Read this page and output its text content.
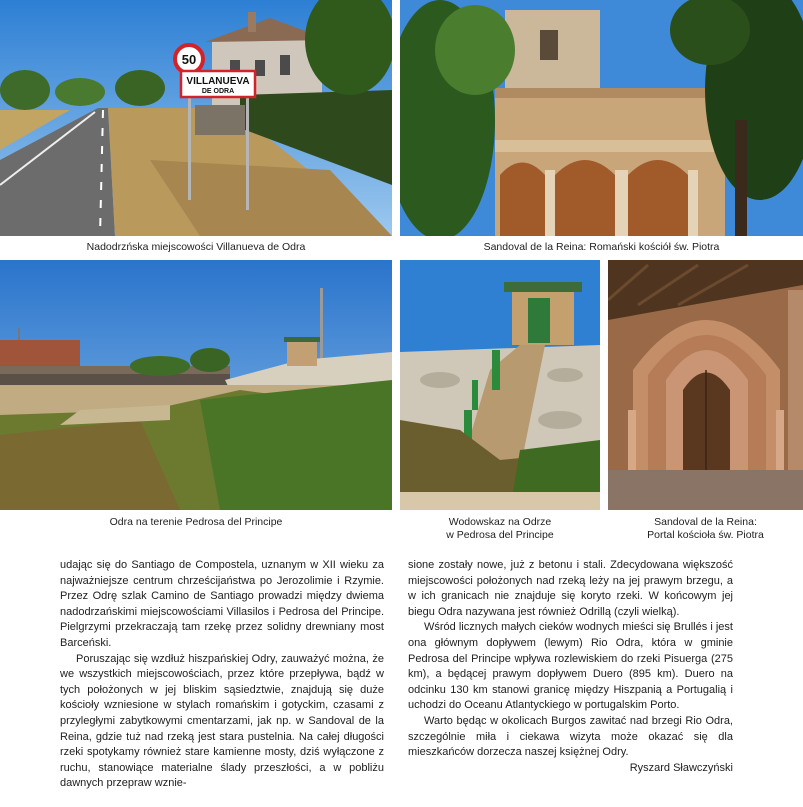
50
VILLANUEVA
DE ODRA
Nadodrzńska miejscowości Villanueva de Odra	Sandoval de la Reina: Romański kościół św. Piotra
Odra na terenie Pedrosa del Principe	Wodowskaz na Odrze
w Pedrosa del Principe
Sandoval de la Reina:
Portal kościoła św. Piotra

udając się do Santiago de Compostela, uznanym w XII wieku za najważniejsze centrum chrześcijaństwa po Jerozolimie i Rzymie. Przez Odrę szlak Camino de Santiago prowadzi między dwiema nadodrzańskimi miejscowościami Villasilos i Pedrosa del Principe. Pielgrzymi przekraczają tam rzekę przez solidny drewniany most Barceński.

Poruszając się wzdłuż hiszpańskiej Odry, zauważyć można, że we wszystkich miejscowościach, przez które przepływa, bądź w tych położonych w jej bliskim sąsiedztwie, znajdują się duże kościoły wzniesione w stylach romańskim i gotyckim, czasami z przyległymi zabytkowymi cmentarzami, jak np. w Sandoval de la Reina, gdzie tuż nad rzeką jest stara pustelnia. Na całej długości rzeki spotykamy również stare kamienne mosty, dziś wyłączone z ruchu, stanowiące materialne ślady przeszłości, a w pobliżu dawnych przepraw wznie-

sione zostały nowe, już z betonu i stali. Zdecydowana większość miejscowości położonych nad rzeką leży na jej prawym brzegu, a w ich granicach nie znajduje się koryto rzeki. W końcowym jej biegu Odra nazywana jest również Odrillą (czyli wielką).

Wśród licznych małych cieków wodnych mieści się Brullés i jest ona głównym dopływem (lewym) Rio Odra, która w gminie Pedrosa del Principe wpływa rozlewiskiem do rzeki Pisuerga (275 km), a będącej prawym dopływem Duero (895 km). Duero na odcinku 130 km stanowi granicę między Hiszpanią a Portugalią i uchodzi do Oceanu Atlantyckiego w portugalskim Porto.

Warto będąc w okolicach Burgos zawitać nad brzegi Rio Odra, szczególnie miła i ciekawa wizyta może okazać się dla mieszkańców dorzecza naszej księżnej Odry.

Ryszard Sławczyński
